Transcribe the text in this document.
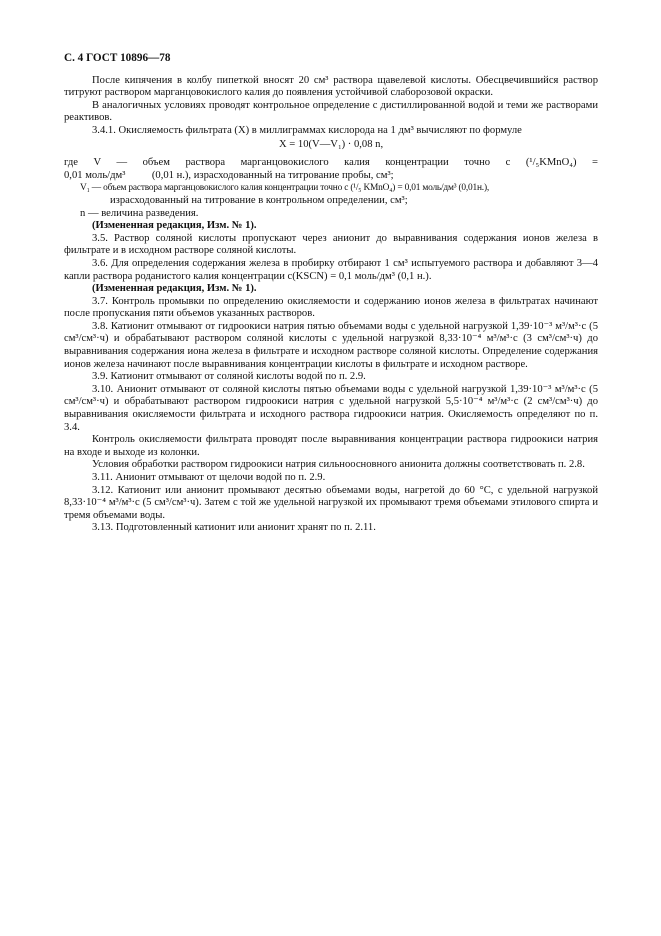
С. 4 ГОСТ 10896—78

После кипячения в колбу пипеткой вносят 20 см³ раствора щавелевой кислоты. Обесцвечившийся раствор титруют раствором марганцовокислого калия до появления устойчивой слаборозовой окраски.

В аналогичных условиях проводят контрольное определение с дистиллированной водой и теми же растворами реактивов.

3.4.1. Окисляемость фильтрата (X) в миллиграммах кислорода на 1 дм³ вычисляют по формуле

X = 10(V—V₁) · 0,08 n,

где V — объем раствора марганцовокислого калия концентрации точно c (¹/₅KMnO₄) =

0,01 моль/дм³          (0,01 н.), израсходованный на титрование пробы, см³;

V₁ — объем раствора марганцовокислого калия концентрации точно c (¹/₅ KMnO₄) = 0,01 моль/дм³ (0,01н.),

израсходованный на титрование в контрольном определении, см³;

n — величина разведения.

(Измененная редакция, Изм. № 1).

3.5. Раствор соляной кислоты пропускают через анионит до выравнивания содержания ионов железа в фильтрате и в исходном растворе соляной кислоты.

3.6. Для определения содержания железа в пробирку отбирают 1 см³ испытуемого раствора и добавляют 3—4 капли раствора роданистого калия концентрации c(KSCN) = 0,1 моль/дм³ (0,1 н.).

(Измененная редакция, Изм. № 1).

3.7. Контроль промывки по определению окисляемости и содержанию ионов железа в фильтратах начинают после пропускания пяти объемов указанных растворов.

3.8. Катионит отмывают от гидроокиси натрия пятью объемами воды с удельной нагрузкой 1,39·10⁻³ м³/м³·с (5 см³/см³·ч) и обрабатывают раствором соляной кислоты с удельной нагрузкой 8,33·10⁻⁴ м³/м³·с (3 см³/см³·ч) до выравнивания содержания иона железа в фильтрате и исходном растворе соляной кислоты. Определение содержания ионов железа начинают после выравнивания концентрации кислоты в фильтрате и исходном растворе.

3.9. Катионит отмывают от соляной кислоты водой по п. 2.9.

3.10. Анионит отмывают от соляной кислоты пятью объемами воды с удельной нагрузкой 1,39·10⁻³ м³/м³·с (5 см³/см³·ч) и обрабатывают раствором гидроокиси натрия с удельной нагрузкой 5,5·10⁻⁴ м³/м³·с (2 см³/см³·ч) до выравнивания окисляемости фильтрата и исходного раствора гидроокиси натрия. Окисляемость определяют по п. 3.4.

Контроль окисляемости фильтрата проводят после выравнивания концентрации раствора гидроокиси натрия на входе и выходе из колонки.

Условия обработки раствором гидроокиси натрия сильноосновного анионита должны соответствовать п. 2.8.

3.11. Анионит отмывают от щелочи водой по п. 2.9.

3.12. Катионит или анионит промывают десятью объемами воды, нагретой до 60 °С, с удельной нагрузкой 8,33·10⁻⁴ м³/м³·с (5 см³/см³·ч). Затем с той же удельной нагрузкой их промывают тремя объемами этилового спирта и тремя объемами воды.

3.13. Подготовленный катионит или анионит хранят по п. 2.11.
